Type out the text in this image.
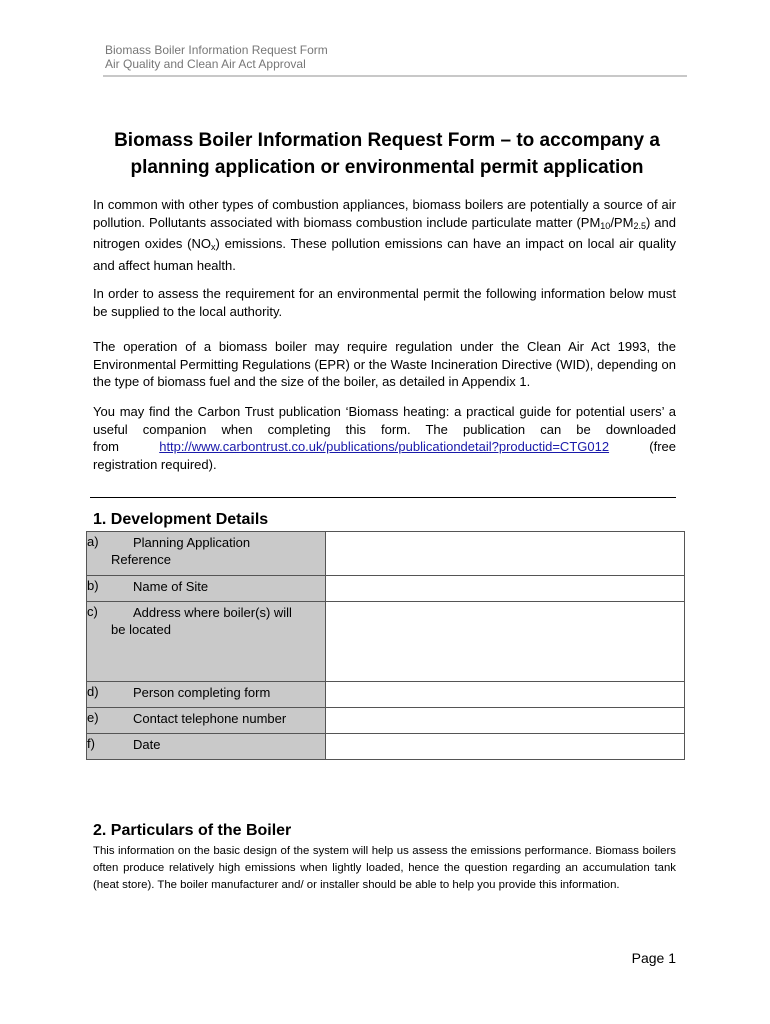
Biomass Boiler Information Request Form
Air Quality and Clean Air Act Approval
Biomass Boiler Information Request Form – to accompany a planning application or environmental permit application
In common with other types of combustion appliances, biomass boilers are potentially a source of air pollution. Pollutants associated with biomass combustion include particulate matter $(PM_{10}/PM_{2.5})$ and nitrogen oxides $(NO_x)$ emissions. These pollution emissions can have an impact on local air quality and affect human health.
In order to assess the requirement for an environmental permit the following information below must be supplied to the local authority.
The operation of a biomass boiler may require regulation under the Clean Air Act 1993, the Environmental Permitting Regulations (EPR) or the Waste Incineration Directive (WID), depending on the type of biomass fuel and the size of the boiler, as detailed in Appendix 1.
You may find the Carbon Trust publication ‘Biomass heating: a practical guide for potential users’ a useful companion when completing this form. The publication can be downloaded from	http://www.carbontrust.co.uk/publications/publicationdetail?productid=CTG012	(free registration required).
1. Development Details
a) Planning Application
Reference	

b) Name of Site	

c) Address where boiler(s) will
be located	

d) Person completing form	

e) Contact telephone number	

f) Date	

2. Particulars of the Boiler
This information on the basic design of the system will help us assess the emissions performance. Biomass boilers often produce relatively high emissions when lightly loaded, hence the question regarding an accumulation tank (heat store). The boiler manufacturer and/ or installer should be able to help you provide this information.
Page 1
